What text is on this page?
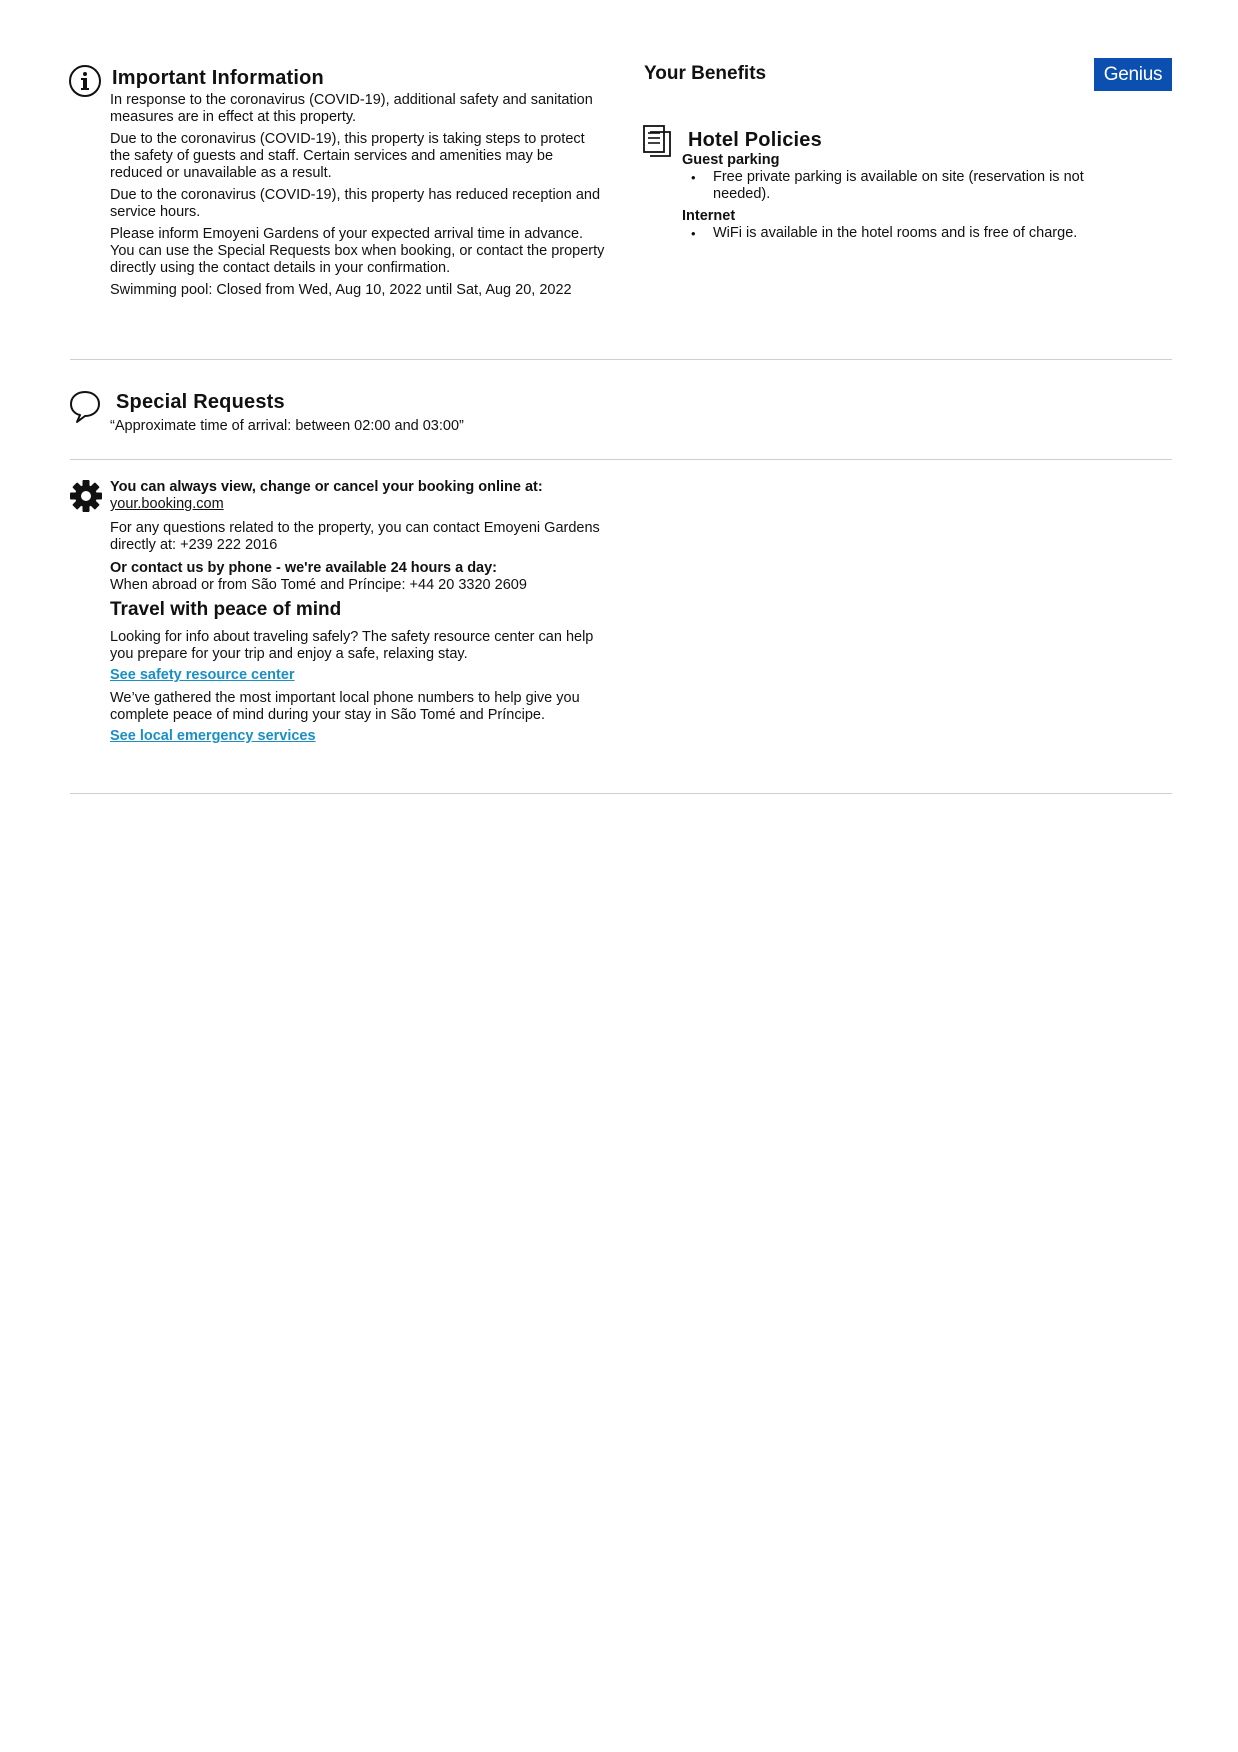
Important Information

In response to the coronavirus (COVID-19), additional safety and sanitation measures are in effect at this property.

Due to the coronavirus (COVID-19), this property is taking steps to protect the safety of guests and staff. Certain services and amenities may be reduced or unavailable as a result.

Due to the coronavirus (COVID-19), this property has reduced reception and service hours.

Please inform Emoyeni Gardens of your expected arrival time in advance. You can use the Special Requests box when booking, or contact the property directly using the contact details in your confirmation.

Swimming pool: Closed from Wed, Aug 10, 2022 until Sat, Aug 20, 2022

Your Benefits	Genius
Hotel Policies
Guest parking
• Free private parking is available on site (reservation is not needed).
Internet
• WiFi is available in the hotel rooms and is free of charge.
Special Requests
“Approximate time of arrival: between 02:00 and 03:00”
You can always view, change or cancel your booking online at:
your.booking.com

For any questions related to the property, you can contact Emoyeni Gardens directly at: +239 222 2016

Or contact us by phone - we're available 24 hours a day:
When abroad or from São Tomé and Príncipe: +44 20 3320 2609
Travel with peace of mind

Looking for info about traveling safely? The safety resource center can help you prepare for your trip and enjoy a safe, relaxing stay.

See safety resource center

We’ve gathered the most important local phone numbers to help give you complete peace of mind during your stay in São Tomé and Príncipe.

See local emergency services
